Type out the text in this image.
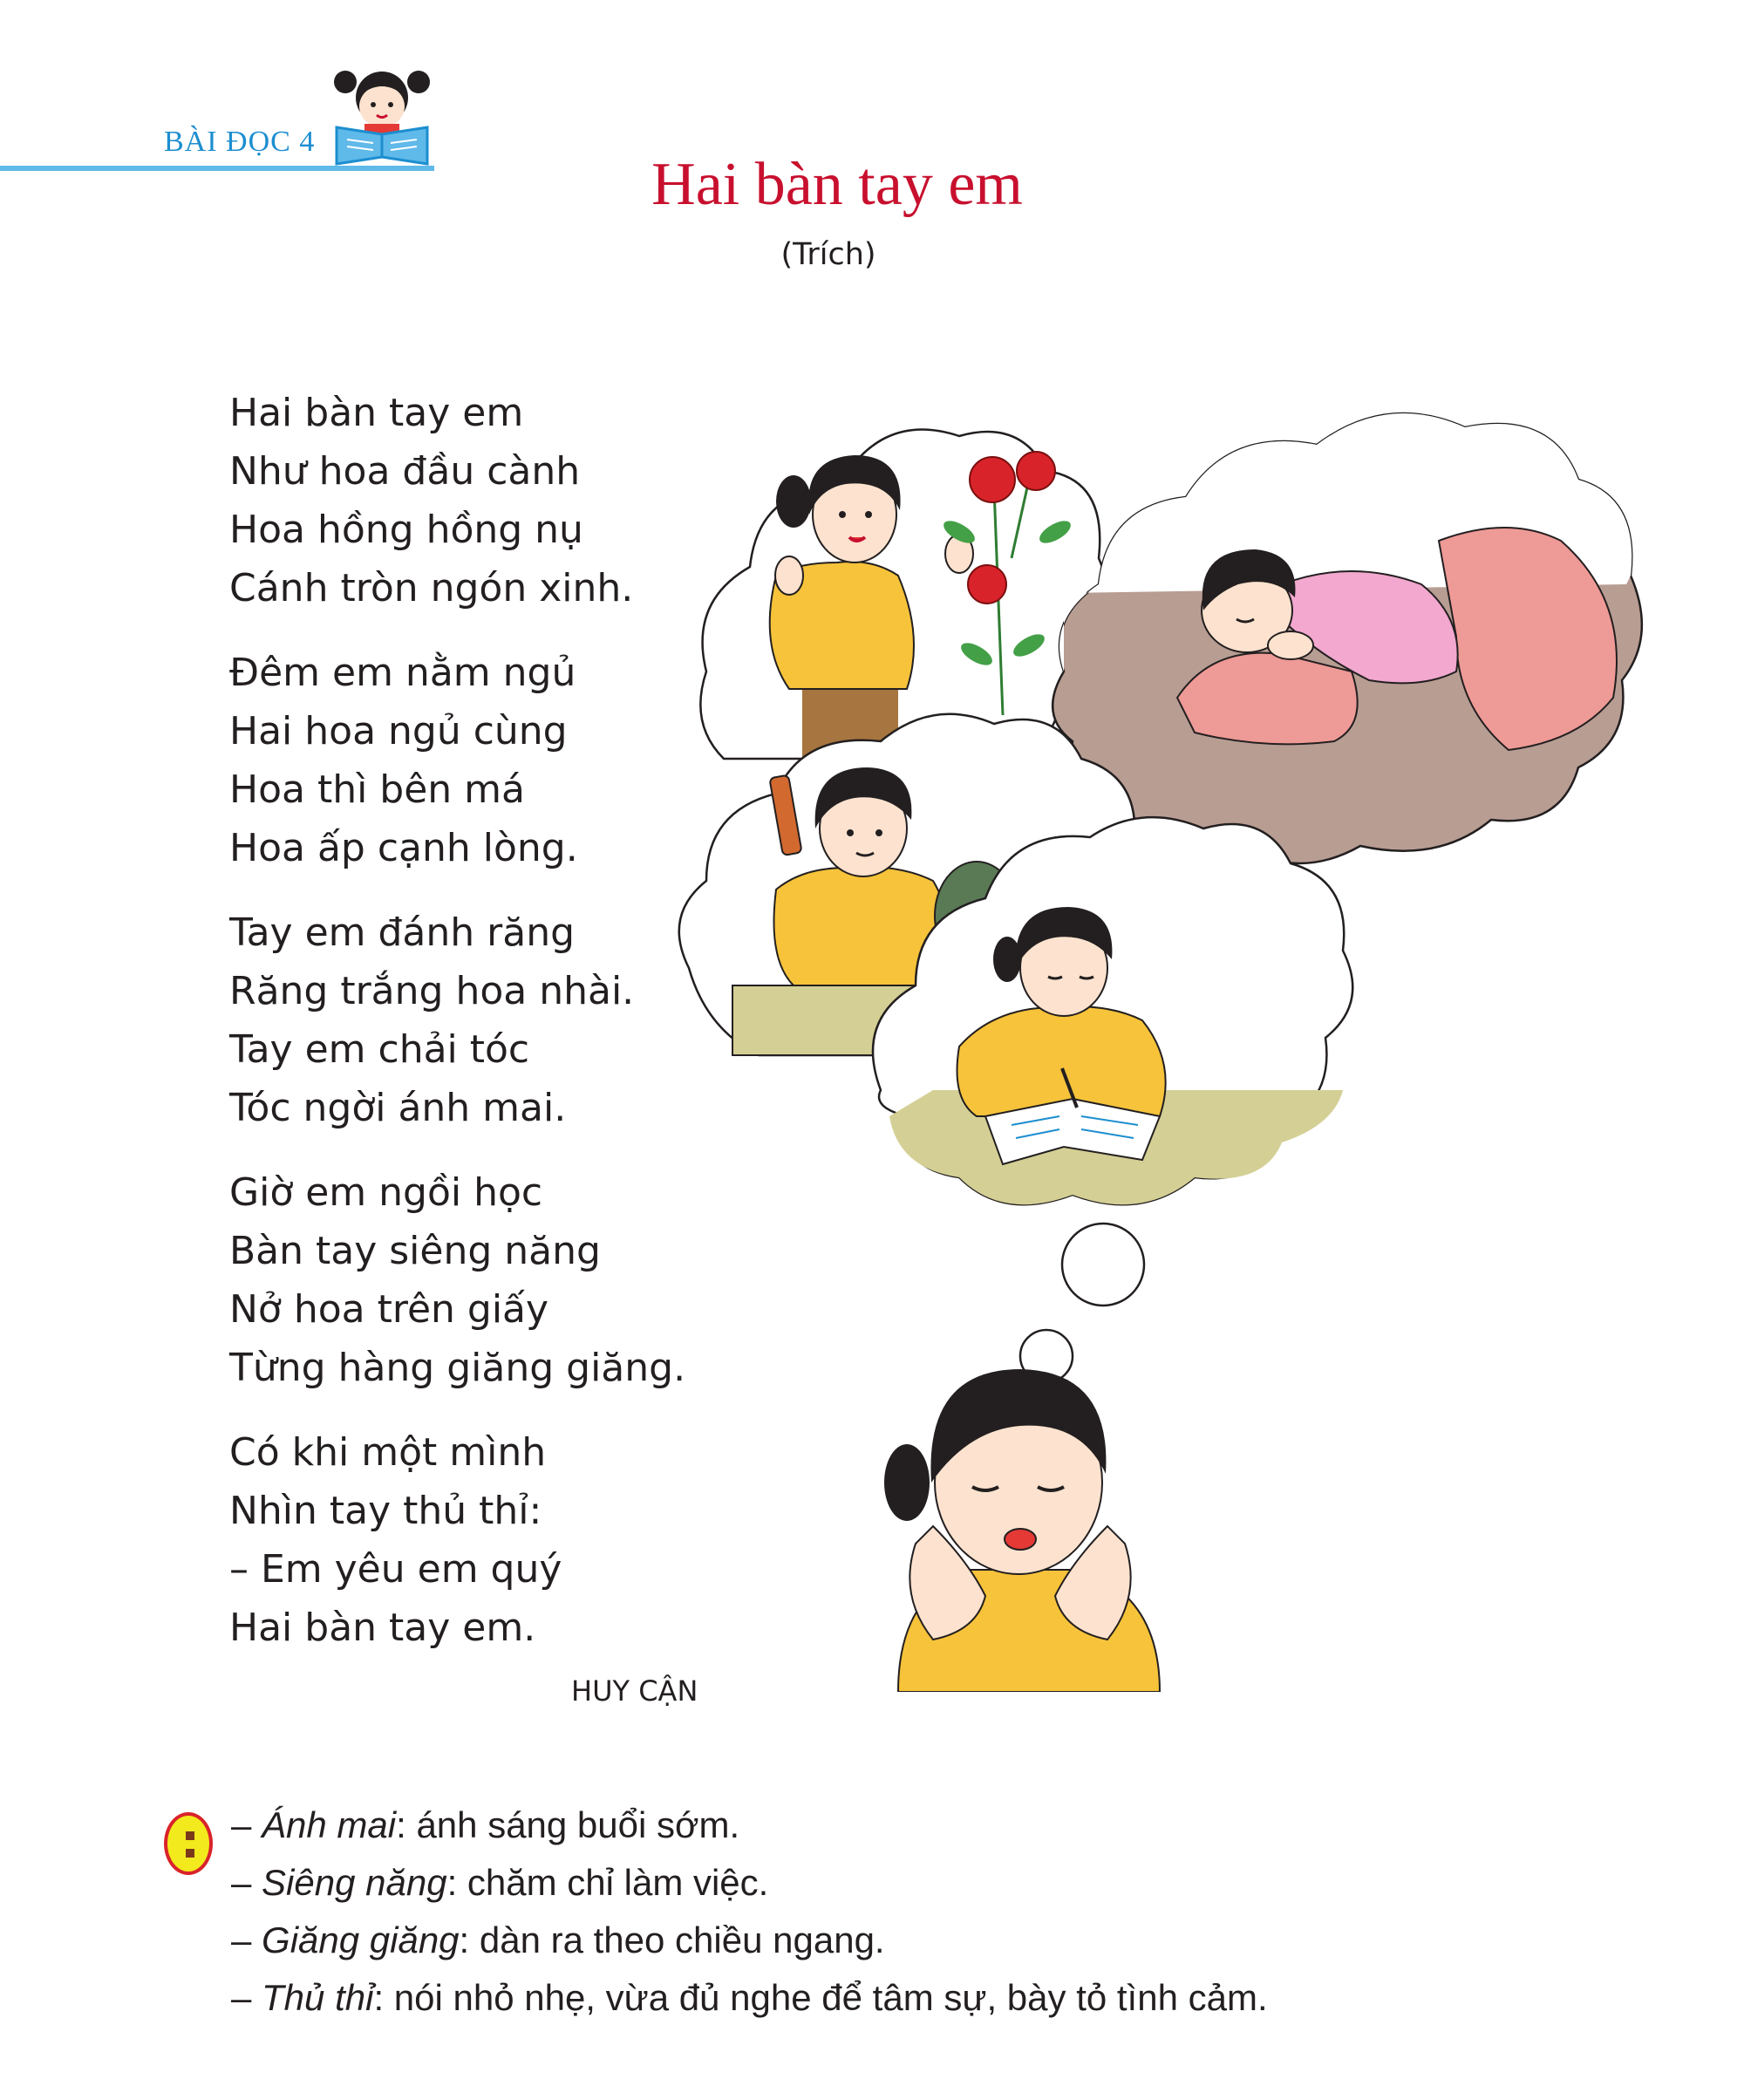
BÀI ĐỌC 4
Hai bàn tay em
(Trích)
Hai bàn tay em
Như hoa đầu cành
Hoa hồng hồng nụ
Cánh tròn ngón xinh.
Đêm em nằm ngủ
Hai hoa ngủ cùng
Hoa thì bên má
Hoa ấp cạnh lòng.
Tay em đánh răng
Răng trắng hoa nhài.
Tay em chải tóc
Tóc ngời ánh mai.
Giờ em ngồi học
Bàn tay siêng năng
Nở hoa trên giấy
Từng hàng giăng giăng.
Có khi một mình
Nhìn tay thủ thỉ:
– Em yêu em quý
Hai bàn tay em.
HUY CẬN
– Ánh mai: ánh sáng buổi sớm.
– Siêng năng: chăm chỉ làm việc.
– Giăng giăng: dàn ra theo chiều ngang.
– Thủ thỉ: nói nhỏ nhẹ, vừa đủ nghe để tâm sự, bày tỏ tình cảm.
